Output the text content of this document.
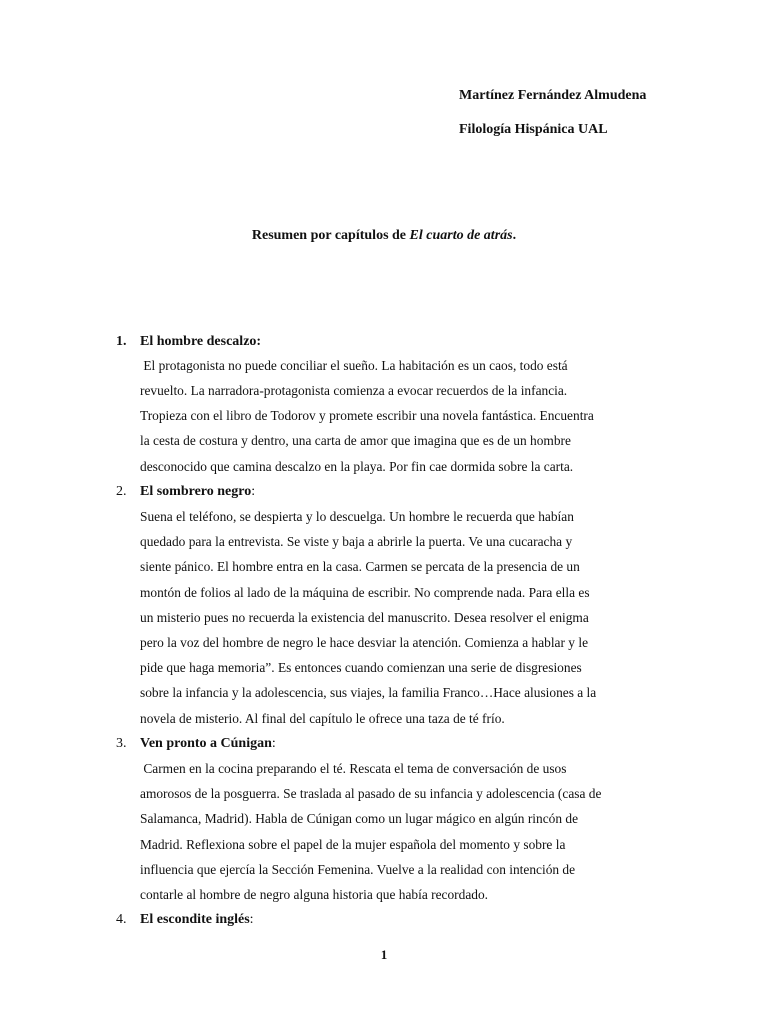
Martínez Fernández Almudena
Filología Hispánica UAL
Resumen por capítulos de El cuarto de atrás.
1. El hombre descalzo:
El protagonista no puede conciliar el sueño. La habitación es un caos, todo está
revuelto. La narradora-protagonista comienza a evocar recuerdos de la infancia.
Tropieza con el libro de Todorov y promete escribir una novela fantástica. Encuentra
la cesta de costura y dentro, una carta de amor que imagina que es de un hombre
desconocido que camina descalzo en la playa. Por fin cae dormida sobre la carta.
2. El sombrero negro:
Suena el teléfono, se despierta y lo descuelga. Un hombre le recuerda que habían
quedado para la entrevista. Se viste y baja a abrirle la puerta. Ve una cucaracha y
siente pánico. El hombre entra en la casa. Carmen se percata de la presencia de un
montón de folios al lado de la máquina de escribir. No comprende nada. Para ella es
un misterio pues no recuerda la existencia del manuscrito. Desea resolver el enigma
pero la voz del hombre de negro le hace desviar la atención. Comienza a hablar y le
pide que haga memoria”. Es entonces cuando comienzan una serie de disgresiones
sobre la infancia y la adolescencia, sus viajes, la familia Franco…Hace alusiones a la
novela de misterio. Al final del capítulo le ofrece una taza de té frío.
3. Ven pronto a Cúnigan:
Carmen en la cocina preparando el té. Rescata el tema de conversación de usos
amorosos de la posguerra. Se traslada al pasado de su infancia y adolescencia (casa de
Salamanca, Madrid). Habla de Cúnigan como un lugar mágico en algún rincón de
Madrid. Reflexiona sobre el papel de la mujer española del momento y sobre la
influencia que ejercía la Sección Femenina. Vuelve a la realidad con intención de
contarle al hombre de negro alguna historia que había recordado.
4. El escondite inglés:
1
